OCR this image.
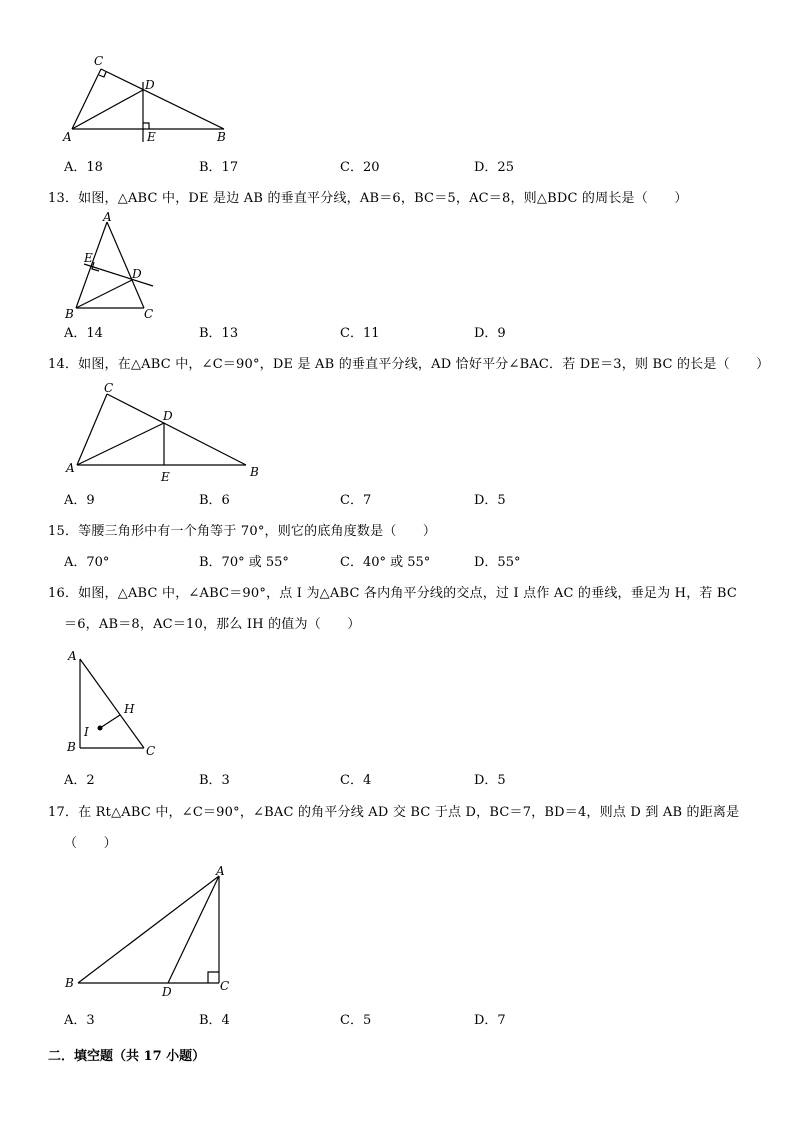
C
D
A	E	B
A．18	B．17	C．20	D．25
13．如图，△ABC 中，DE 是边 AB 的垂直平分线，AB＝6，BC＝5，AC＝8，则△BDC 的周长是（　　）
A
E
D
B	C
A．14	B．13	C．11	D．9
14．如图，在△ABC 中，∠C＝90°，DE 是 AB 的垂直平分线，AD 恰好平分∠BAC．若 DE＝3，则 BC 的长是（　　）
C
D
A
E	B
A．9	B．6	C．7	D．5
15．等腰三角形中有一个角等于 70°，则它的底角度数是（　　）
A．70°	B．70° 或 55°	C．40° 或 55°	D．55°
16．如图，△ABC 中，∠ABC＝90°，点 I 为△ABC 各内角平分线的交点，过 I 点作 AC 的垂线，垂足为 H，若 BC
＝6，AB＝8，AC＝10，那么 IH 的值为（　　）
A
H
I
B	C
A．2	B．3	C．4	D．5
17．在 Rt△ABC 中，∠C＝90°，∠BAC 的角平分线 AD 交 BC 于点 D，BC＝7，BD＝4，则点 D 到 AB 的距离是
（　　）
A
B
D	C
A．3	B．4	C．5	D．7
二．填空题（共 17 小题）
